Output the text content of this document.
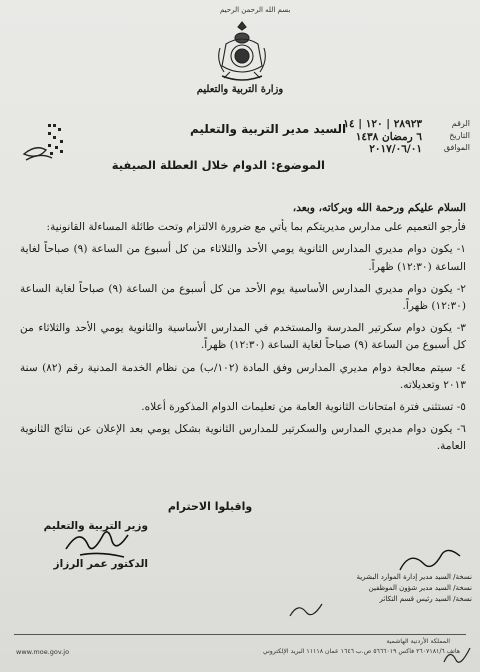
بسم الله الرحمن الرحيم
وزارة التربية والتعليم
الرقم
التاريخ
الموافق
٢٨٩٢٣ | ١٢٠ | ١٤
٦ رمضان ١٤٣٨
٢٠١٧/٠٦/٠١
السيد مدير التربية والتعليم
الموضوع: الدوام خلال العطلة الصيفية
السلام عليكم ورحمة الله وبركاته، وبعد،

فأرجو التعميم على مدارس مديريتكم بما يأتي مع ضرورة الالتزام وتحت طائلة المساءلة القانونية:

١- يكون دوام مديري المدارس الثانوية يومي الأحد والثلاثاء من كل أسبوع من الساعة (٩) صباحاً لغاية الساعة (١٢:٣٠) ظهراً.

٢- يكون دوام مديري المدارس الأساسية يوم الأحد من كل أسبوع من الساعة (٩) صباحاً لغاية الساعة (١٢:٣٠) ظهراً.

٣- يكون دوام سكرتير المدرسة والمستخدم في المدارس الأساسية والثانوية يومي الأحد والثلاثاء من كل أسبوع من الساعة (٩) صباحاً لغاية الساعة (١٢:٣٠) ظهراً.

٤- سيتم معالجة دوام مديري المدارس وفق المادة (١٠٢/ب) من نظام الخدمة المدنية رقم (٨٢) سنة ٢٠١٣ وتعديلاته.

٥- تستثنى فترة امتحانات الثانوية العامة من تعليمات الدوام المذكورة أعلاه.

٦- يكون دوام مديري المدارس والسكرتير للمدارس الثانوية بشكل يومي بعد الإعلان عن نتائج الثانوية العامة.

واقبلوا الاحترام
وزير التربية والتعليم
الدكتور عمر الرزاز
نسخة/ السيد مدير إدارة الموارد البشرية
نسخة/ السيد مدير شؤون الموظفين
نسخة/ السيد رئيس قسم التكاثر
المملكة الأردنية الهاشمية
هاتف ٢٦٠٧١٨١/٦ فاكس ٥٦٦٦٠١٩ ص.ب ١٦٤٦ عمان ١١١١٨ البريد الإلكتروني
www.moe.gov.jo
